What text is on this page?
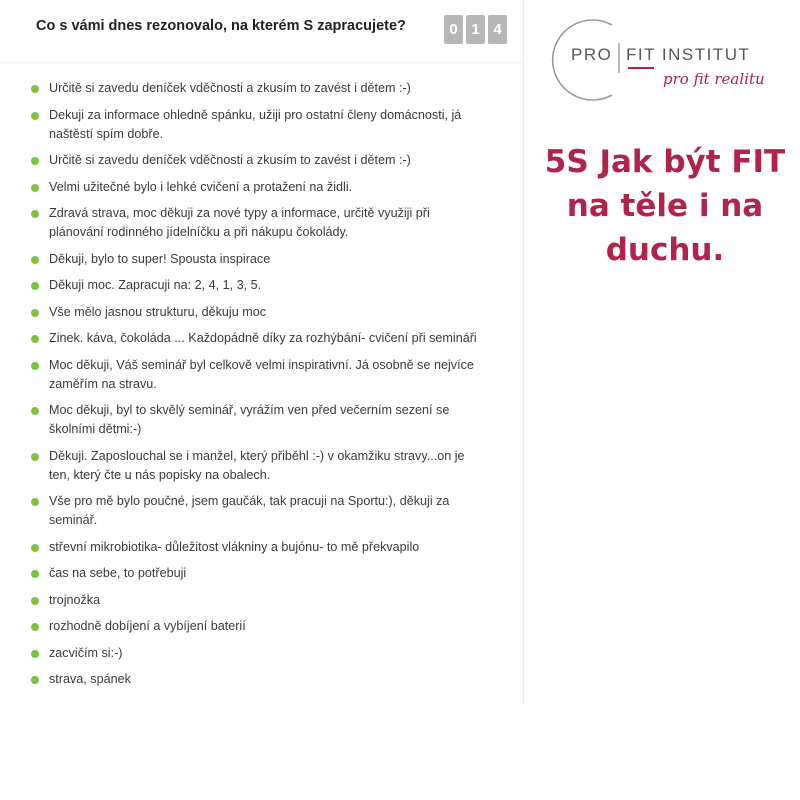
Co s vámi dnes rezonovalo, na kterém S zapracujete?	0 1 4
Určitě si zavedu deníček vděčnosti a zkusím to zavést i dětem :-)
Dekuji za informace ohledně spánku, užiji pro ostatní členy domácnosti, já naštěstí spím dobře.
Určitě si zavedu deníček vděčnosti a zkusím to zavést i dětem :-)
Velmi užitečné bylo i lehké cvičení a protažení na židli.
Zdravá strava, moc děkuji za nové typy a informace, určitě využiji při plánování rodinného jídelníčku a při nákupu čokolády.
Děkuji, bylo to super! Spousta inspirace
Děkuji moc. Zapracuji na: 2, 4, 1, 3, 5.
Vše mělo jasnou strukturu, děkuju moc
Zinek. káva, čokoláda ... Každopádně díky za rozhýbání- cvičení při semináři
Moc děkuji, Váš seminář byl celkově velmi inspirativní. Já osobně se nejvíce zaměřím na stravu.
Moc děkuji, byl to skvělý seminář, vyrážím ven před večerním sezení se školními dětmi:-)
Děkuji. Zaposlouchal se i manžel, který přiběhl :-) v okamžiku stravy...on je ten, který čte u nás popisky na obalech.
Vše pro mě bylo poučné, jsem gaučák, tak pracuji na Sportu:), děkuji za seminář.
střevní mikrobiotika- důležitost vlákniny a bujónu- to mě překvapilo
čas na sebe, to potřebuji
trojnožka
rozhodně dobíjení a vybíjení baterií
zacvičím si:-)
strava, spánek
PRO FIT INSTITUT
pro fit realitu
5S Jak být FIT na těle i na duchu.
